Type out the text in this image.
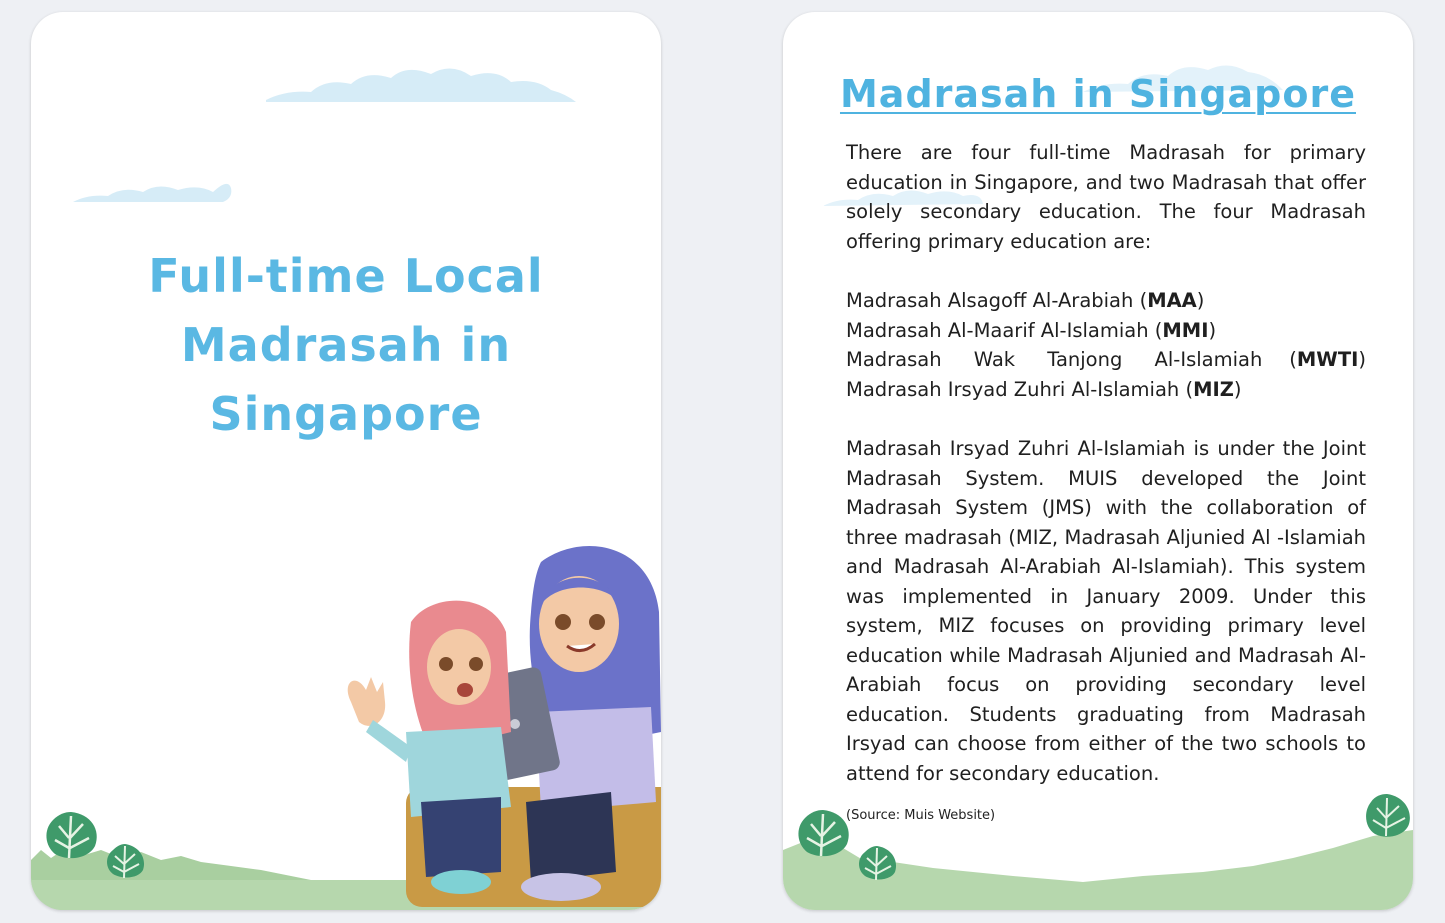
Full-time Local
Madrasah in
Singapore
Madrasah in Singapore

There are four full-time Madrasah for primary education in Singapore, and two Madrasah that offer solely secondary education. The four Madrasah offering primary education are:

Madrasah Alsagoff Al-Arabiah ( MAA )
Madrasah Al-Maarif Al-Islamiah ( MMI )
Madrasah Wak Tanjong Al-Islamiah (MWTI)
Madrasah Irsyad Zuhri Al-Islamiah ( MIZ )

Madrasah Irsyad Zuhri Al-Islamiah is under the Joint Madrasah System. MUIS developed the Joint Madrasah System (JMS) with the collaboration of three madrasah (MIZ, Madrasah Aljunied Al -Islamiah and Madrasah Al-Arabiah Al-Islamiah). This system was implemented in January 2009. Under this system, MIZ focuses on providing primary level education while Madrasah Aljunied and Madrasah Al-Arabiah focus on providing secondary level education. Students graduating from Madrasah Irsyad can choose from either of the two schools to attend for secondary education.

(Source: Muis Website)
